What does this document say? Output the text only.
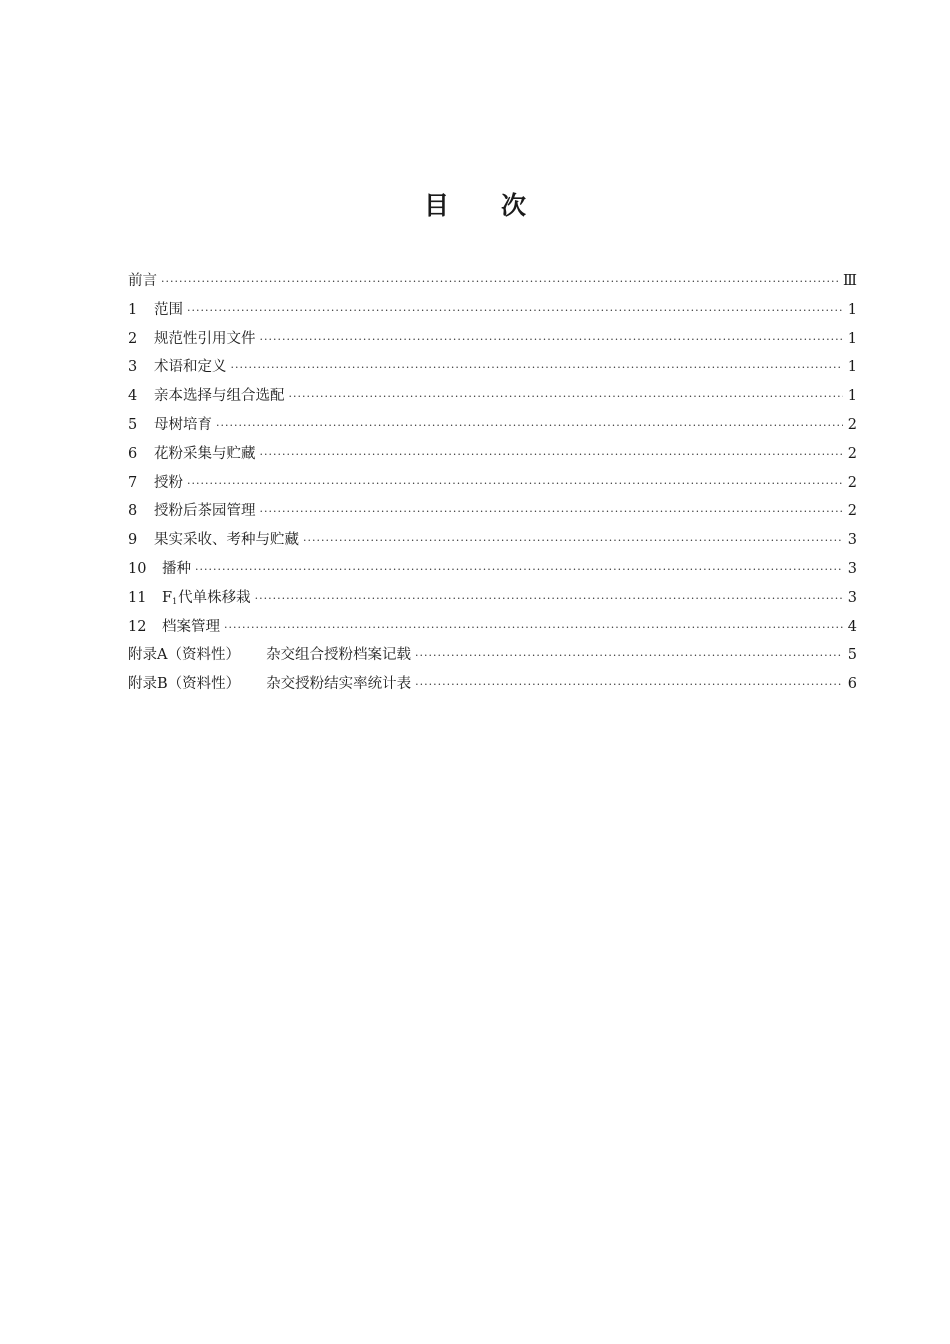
目 次
前言 ·····	Ⅲ
1 范围 ·····	1
2 规范性引用文件 ·····	1
3 术语和定义 ·····	1
4 亲本选择与组合选配 ·····	1
5 母树培育 ·····	2
6 花粉采集与贮藏 ·····	2
7 授粉 ·····	2
8 授粉后茶园管理 ·····	2
9 果实采收、考种与贮藏 ·····	3
10 播种 ·····	3
11 $F_1$代单株移栽 ·····	3
12 档案管理 ·····	4
附录A（资料性） 杂交组合授粉档案记载 ·····	5
附录B（资料性） 杂交授粉结实率统计表 ·····	6
